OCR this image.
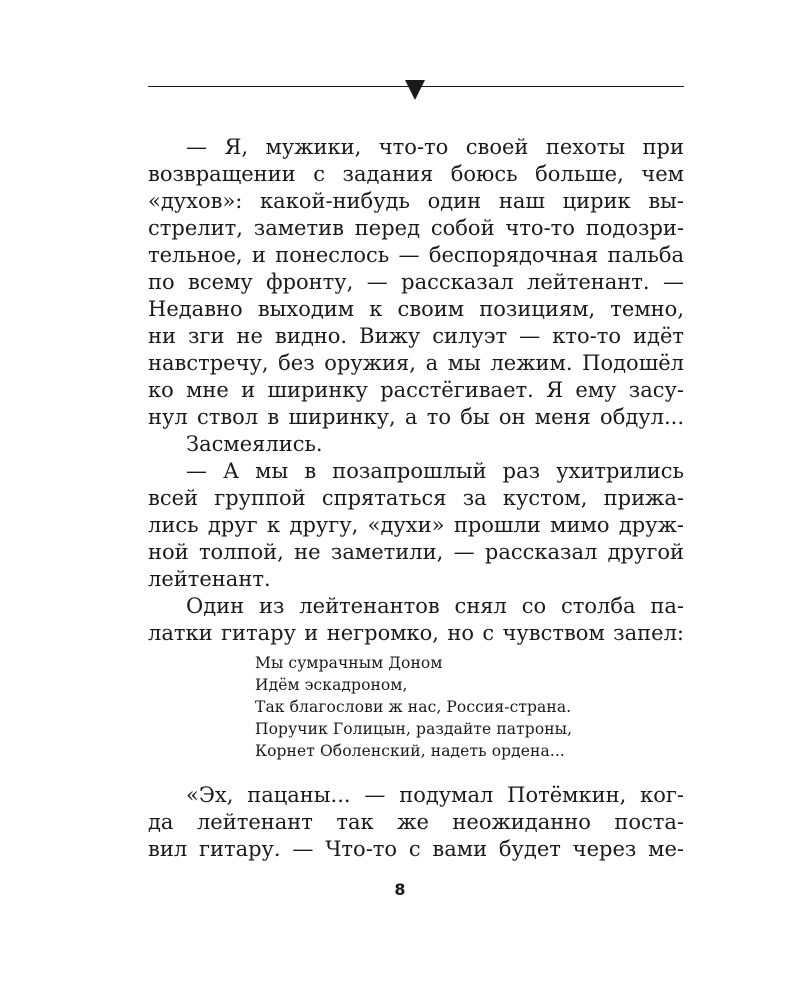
— Я, мужики, что-то своей пехоты при
возвращении с задания боюсь больше, чем
«духов»: какой-нибудь один наш цирик вы-
стрелит, заметив перед собой что-то подозри-
тельное, и понеслось — беспорядочная пальба
по всему фронту, — рассказал лейтенант. —
Недавно выходим к своим позициям, темно,
ни зги не видно. Вижу силуэт — кто-то идёт
навстречу, без оружия, а мы лежим. Подошёл
ко мне и ширинку расстёгивает. Я ему засу-
нул ствол в ширинку, а то бы он меня обдул...
Засмеялись.
— А мы в позапрошлый раз ухитрились
всей группой спрятаться за кустом, прижа-
лись друг к другу, «духи» прошли мимо друж-
ной толпой, не заметили, — рассказал другой
лейтенант.
Один из лейтенантов снял со столба па-
латки гитару и негромко, но с чувством запел:
Мы сумрачным Доном
Идём эскадроном,
Так благослови ж нас, Россия-страна.
Поручик Голицын, раздайте патроны,
Корнет Оболенский, надеть ордена...
«Эх, пацаны... — подумал Потёмкин, ког-
да лейтенант так же неожиданно поста-
вил гитару. — Что-то с вами будет через ме-
8
